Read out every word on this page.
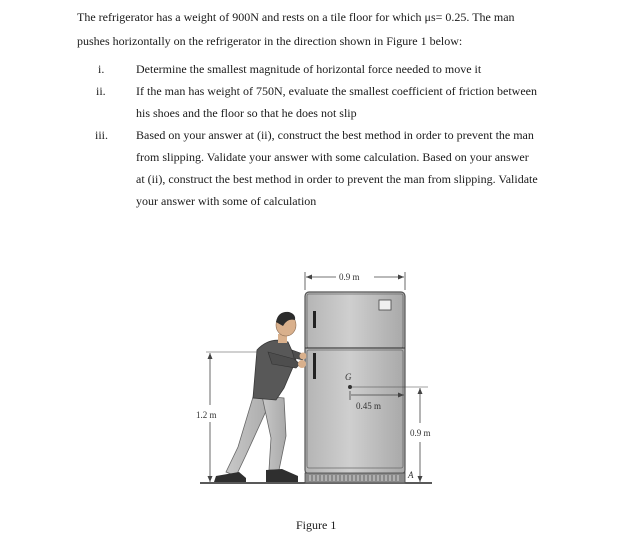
The refrigerator has a weight of 900N and rests on a tile floor for which μs= 0.25. The man
pushes horizontally on the refrigerator in the direction shown in Figure 1 below:
i.	Determine the smallest magnitude of horizontal force needed to move it
ii.	If the man has weight of 750N, evaluate the smallest coefficient of friction between
his shoes and the floor so that he does not slip
iii. Based on your answer at (ii), construct the best method in order to prevent the man
from slipping. Validate your answer with some calculation. Based on your answer
at (ii), construct the best method in order to prevent the man from slipping. Validate
your answer with some of calculation
G
A
0.9 m
0.45 m
0.9 m
1.2 m
Figure 1
